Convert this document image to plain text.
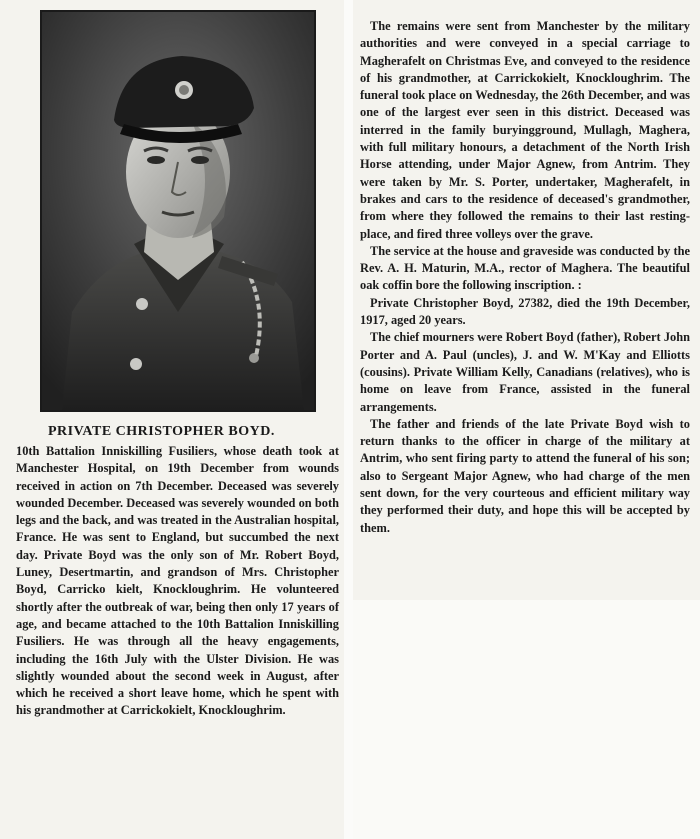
PRIVATE CHRISTOPHER BOYD.

10th Battalion Inniskilling Fusiliers, whose death took at Manchester Hospital, on 19th December from wounds received in action on 7th December. Deceased was severely wounded December. Deceased was severely wounded on both legs and the back, and was treated in the Australian hospital, France. He was sent to England, but succumbed the next day. Private Boyd was the only son of Mr. Robert Boyd, Luney, Desertmartin, and grandson of Mrs. Christopher Boyd, Carricko kielt, Knockloughrim. He volunteered shortly after the outbreak of war, being then only 17 years of age, and became attached to the 10th Battalion Inniskilling Fusiliers. He was through all the heavy engagements, including the 16th July with the Ulster Division. He was slightly wounded about the second week in August, after which he received a short leave home, which he spent with his grandmother at Carrickokielt, Knockloughrim.

The remains were sent from Manchester by the military authorities and were conveyed in a special carriage to Magherafelt on Christmas Eve, and conveyed to the residence of his grandmother, at Carrickokielt, Knockloughrim. The funeral took place on Wednesday, the 26th December, and was one of the largest ever seen in this district. Deceased was interred in the family buryingground, Mullagh, Maghera, with full military honours, a detachment of the North Irish Horse attending, under Major Agnew, from Antrim. They were taken by Mr. S. Porter, undertaker, Magherafelt, in brakes and cars to the residence of deceased's grandmother, from where they followed the remains to their last resting-place, and fired three volleys over the grave.

The service at the house and graveside was conducted by the Rev. A. H. Maturin, M.A., rector of Maghera. The beautiful oak coffin bore the following inscription. :

Private Christopher Boyd, 27382, died the 19th December, 1917, aged 20 years.

The chief mourners were Robert Boyd (father), Robert John Porter and A. Paul (uncles), J. and W. M'Kay and Elliotts (cousins). Private William Kelly, Canadians (relatives), who is home on leave from France, assisted in the funeral arrangements.

The father and friends of the late Private Boyd wish to return thanks to the officer in charge of the military at Antrim, who sent firing party to attend the funeral of his son; also to Sergeant Major Agnew, who had charge of the men sent down, for the very courteous and efficient military way they performed their duty, and hope this will be accepted by them.
